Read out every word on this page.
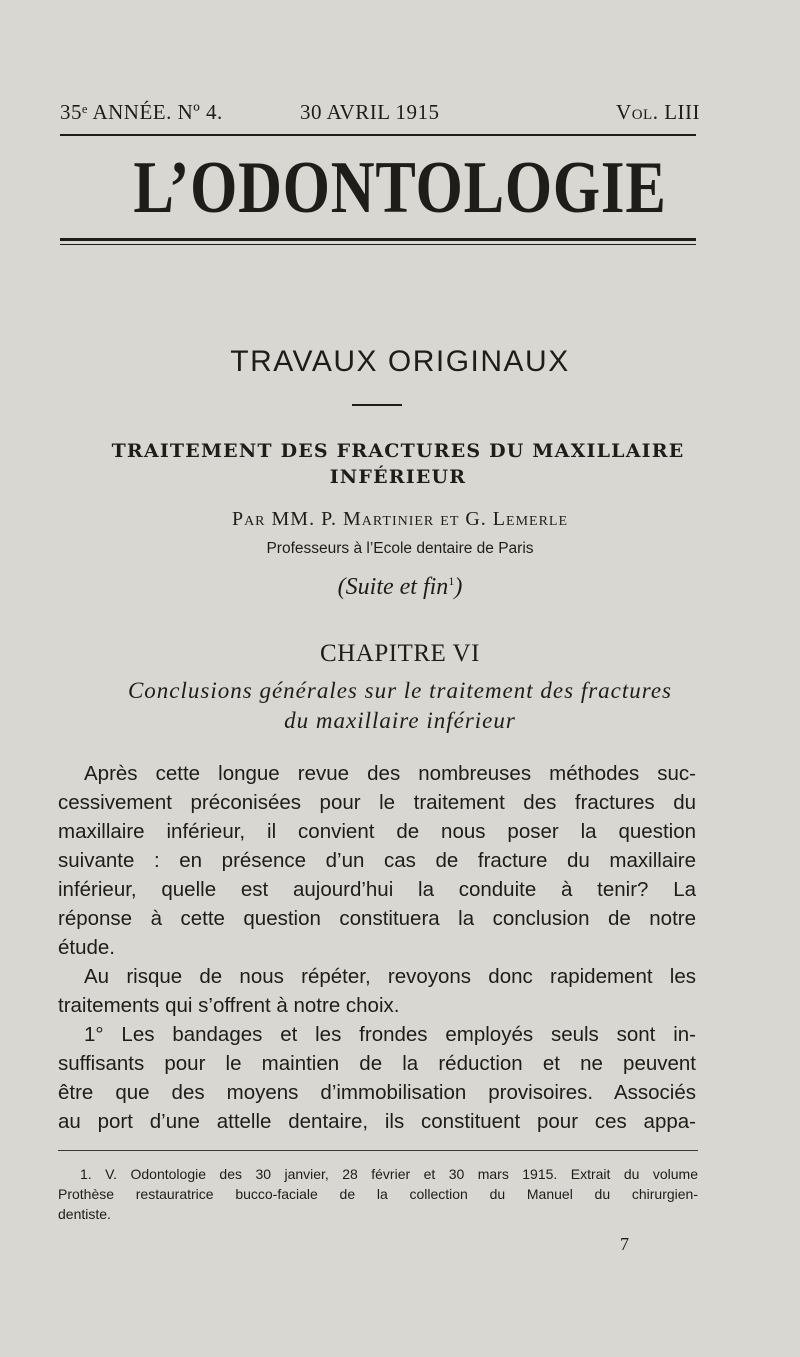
35ᵉ ANNÉE. Nº 4.	30 AVRIL 1915	Vol. LIII
L’ODONTOLOGIE
TRAVAUX ORIGINAUX
TRAITEMENT DES FRACTURES DU MAXILLAIRE
INFÉRIEUR
Par MM. P. Martinier et G. Lemerle
Professeurs à l’Ecole dentaire de Paris
(Suite et fin$^1$)
CHAPITRE VI
Conclusions générales sur le traitement des fractures
du maxillaire inférieur
Après cette longue revue des nombreuses méthodes suc-
cessivement préconisées pour le traitement des fractures du
maxillaire inférieur, il convient de nous poser la question
suivante : en présence d’un cas de fracture du maxillaire
inférieur, quelle est aujourd’hui la conduite à tenir? La
réponse à cette question constituera la conclusion de notre
étude.
Au risque de nous répéter, revoyons donc rapidement les
traitements qui s’offrent à notre choix.
1° Les bandages et les frondes employés seuls sont in-
suffisants pour le maintien de la réduction et ne peuvent
être que des moyens d’immobilisation provisoires. Associés
au port d’une attelle dentaire, ils constituent pour ces appa-
1. V. Odontologie des 30 janvier, 28 février et 30 mars 1915. Extrait du volume
Prothèse restauratrice bucco-faciale de la collection du Manuel du chirurgien-
dentiste.
7
